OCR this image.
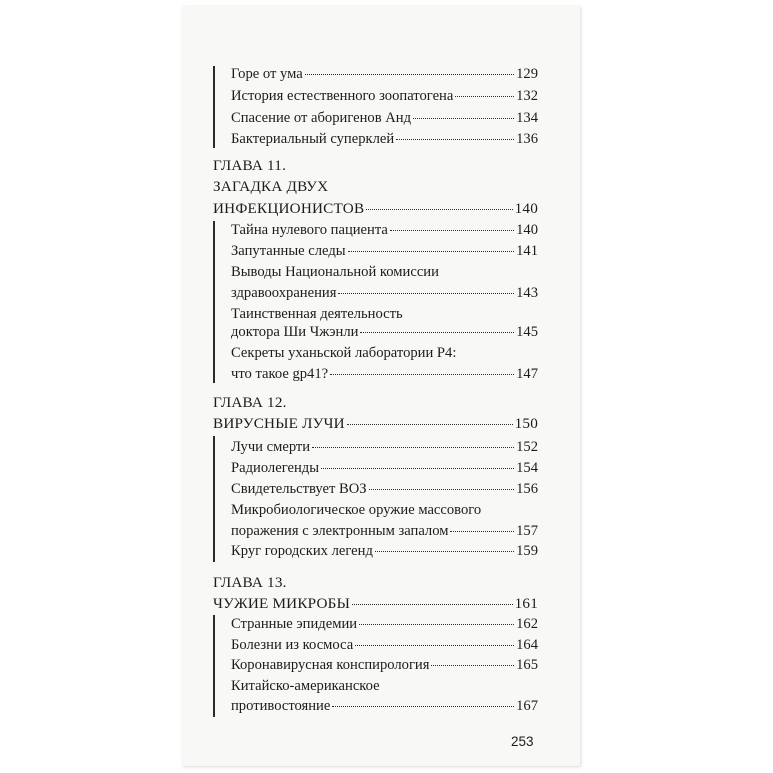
Горе от ума	129
История естественного зоопатогена	132
Спасение от аборигенов Анд	134
Бактериальный суперклей	136
ГЛАВА 11.
ЗАГАДКА ДВУХ
ИНФЕКЦИОНИСТОВ	140
Тайна нулевого пациента	140
Запутанные следы	141
Выводы Национальной комиссии
здравоохранения	143
Таинственная деятельность
доктора Ши Чжэнли	145
Секреты уханьской лаборатории Р4:
что такое gp41?	147
ГЛАВА 12.
ВИРУСНЫЕ ЛУЧИ	150
Лучи смерти	152
Радиолегенды	154
Свидетельствует ВОЗ	156
Микробиологическое оружие массового
поражения с электронным запалом	157
Круг городских легенд	159
ГЛАВА 13.
ЧУЖИЕ МИКРОБЫ	161
Странные эпидемии	162
Болезни из космоса	164
Коронавирусная конспирология	165
Китайско-американское
противостояние	167
253
